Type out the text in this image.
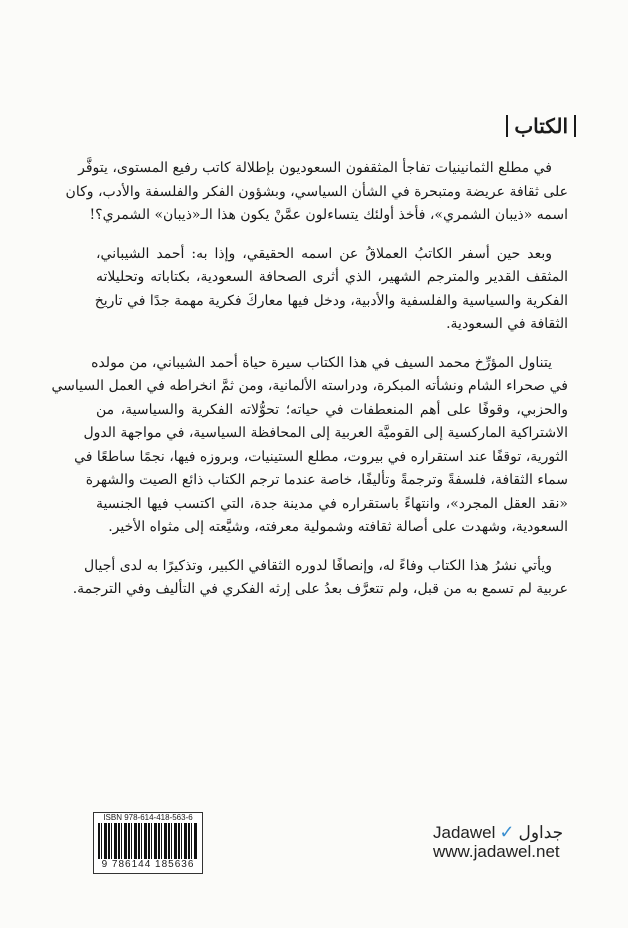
الكتاب
في مطلع الثمانينيات تفاجأ المثقفون السعوديون بإطلالة كاتب رفيع المستوى، يتوفَّر
على ثقافة عريضة ومتبحرة في الشأن السياسي، وبشؤون الفكر والفلسفة والأدب، وكان
اسمه «ذيبان الشمري»، فأخذ أولئك يتساءلون عمَّنْ يكون هذا الـ«ذيبان» الشمري؟!
وبعد حين أسفر الكاتبُ العملاقُ عن اسمه الحقيقي، وإذا به: أحمد الشيباني،
المثقف القدير والمترجم الشهير، الذي أثرى الصحافة السعودية، بكتاباته وتحليلاته
الفكرية والسياسية والفلسفية والأدبية، ودخل فيها معاركَ فكرية مهمة جدًا في تاريخ
الثقافة في السعودية.
يتناول المؤرِّخ محمد السيف في هذا الكتاب سيرة حياة أحمد الشيباني، من مولده
في صحراء الشام ونشأته المبكرة، ودراسته الألمانية، ومن ثمَّ انخراطه في العمل السياسي
والحزبي، وقوفًا على أهم المنعطفات في حياته؛ تحوُّلاته الفكرية والسياسية، من
الاشتراكية الماركسية إلى القوميَّة العربية إلى المحافظة السياسية، في مواجهة الدول
الثورية، توقفًا عند استقراره في بيروت، مطلع الستينيات، وبروزه فيها، نجمًا ساطعًا في
سماء الثقافة، فلسفةً وترجمةً وتأليفًا، خاصة عندما ترجم الكتاب ذائع الصيت والشهرة
«نقد العقل المجرد»، وانتهاءً باستقراره في مدينة جدة، التي اكتسب فيها الجنسية
السعودية، وشهدت على أصالة ثقافته وشمولية معرفته، وشيَّعته إلى مثواه الأخير.
ويأتي نشرُ هذا الكتاب وفاءً له، وإنصافًا لدوره الثقافي الكبير، وتذكيرًا به لدى أجيال
عربية لم تسمع به من قبل، ولم تتعرَّف بعدُ على إرثه الفكري في التأليف وفي الترجمة.
ISBN 978-614-418-563-6
9 786144 185636
Jadawel ✓ جداول
www.jadawel.net
